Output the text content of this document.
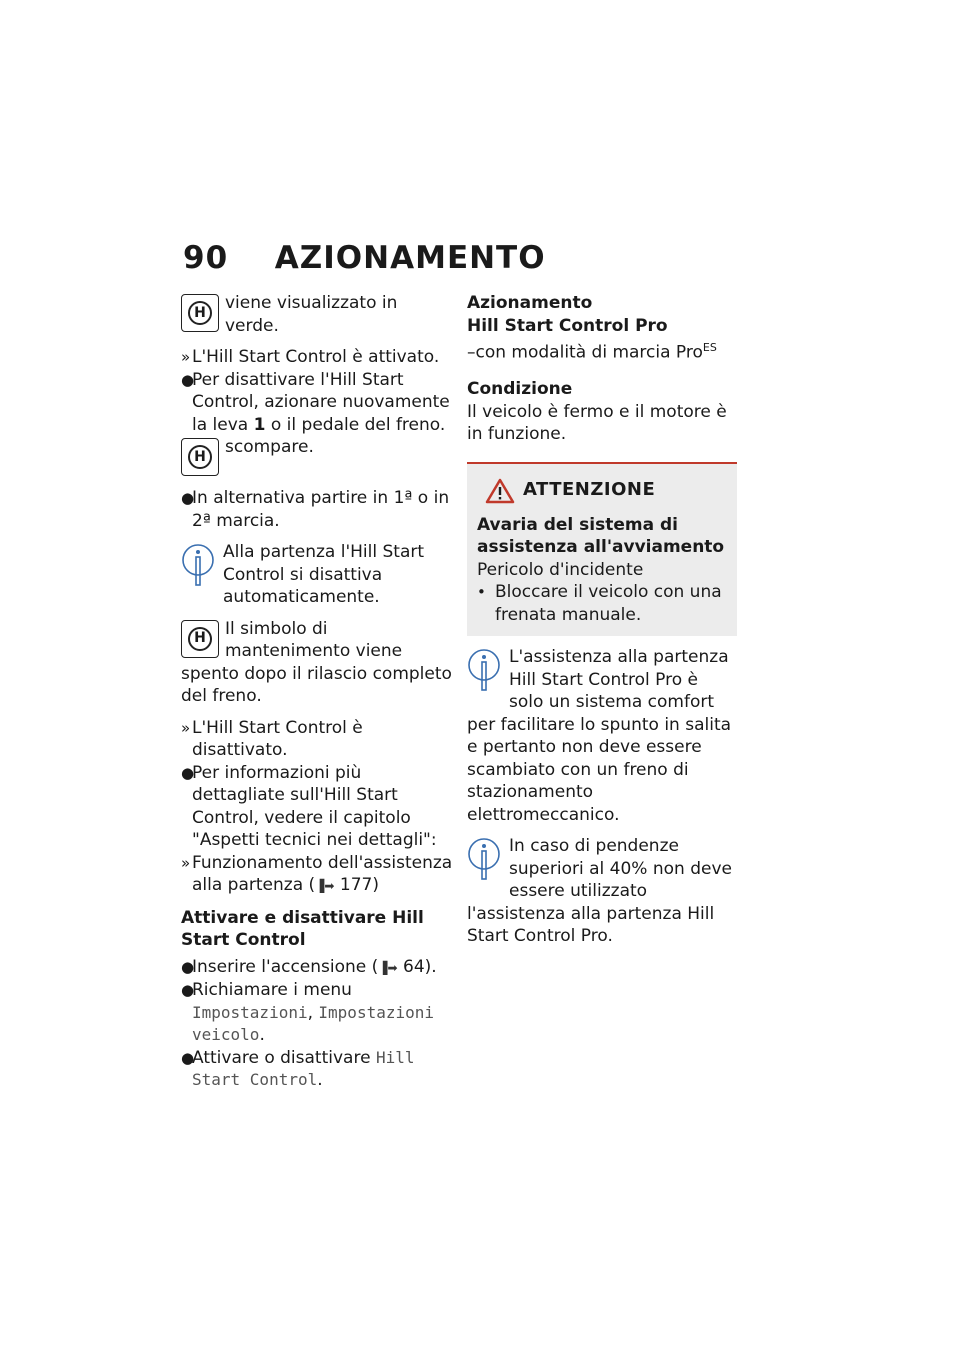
90 AZIONAMENTO
H	viene visualizzato in verde.

» L'Hill Start Control è attivato.
●
Per disattivare l'Hill Start Control, azionare nuovamente la leva 1 o il pedale del freno.
H	scompare.

●
In alternativa partire in 1ª o in 2ª marcia.

Alla partenza l'Hill Start Control si disattiva automaticamente.

H	Il simbolo di mantenimento viene spento dopo il rilascio completo del freno.

» L'Hill Start Control è disattivato.
●
Per informazioni più dettagliate sull'Hill Start Control, vedere il capitolo "Aspetti tecnici nei dettagli":
» Funzionamento dell'assistenza alla partenza (▐➡ 177)

Attivare e disattivare Hill Start Control

●
Inserire l'accensione (▐➡ 64).
●
Richiamare i menu Impostazioni, Impostazioni veicolo.
●
Attivare o disattivare Hill Start Control.

Azionamento

Hill Start Control Pro

–con modalità di marcia Pro$^{ES}$

Condizione

Il veicolo è fermo e il motore è in funzione.

ATTENZIONE

Avaria del sistema di assistenza all'avviamento

Pericolo d'incidente

• Bloccare il veicolo con una frenata manuale.

L'assistenza alla partenza Hill Start Control Pro è solo un sistema comfort per facilitare lo spunto in salita e pertanto non deve essere scambiato con un freno di stazionamento elettromeccanico.

In caso di pendenze superiori al 40% non deve essere utilizzato l'assistenza alla partenza Hill Start Control Pro.
